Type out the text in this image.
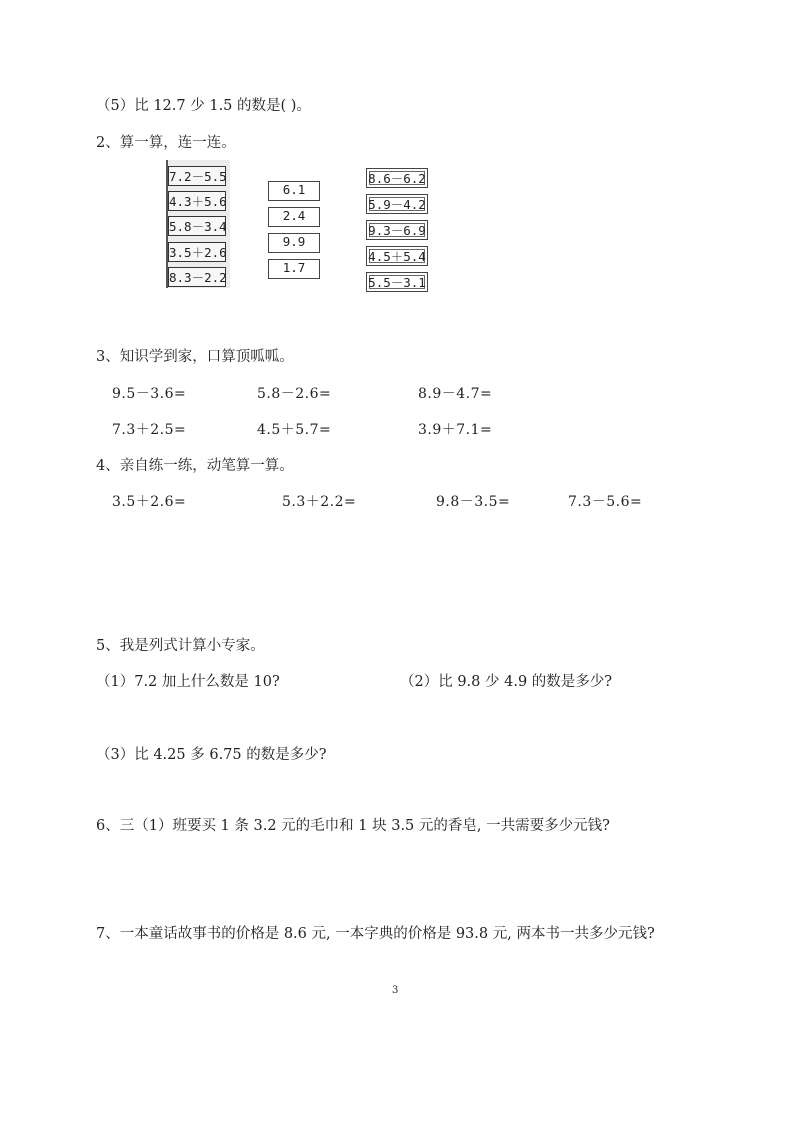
（5）比 12.7 少 1.5 的数是( )。
2、算一算，连一连。
7.2－5.5
4.3＋5.6
5.8－3.4
3.5＋2.6
8.3－2.2
6.1
2.4
9.9
1.7
8.6－6.2
5.9－4.2
9.3－6.9
4.5＋5.4
5.5－3.1
3、知识学到家，口算顶呱呱。
9.5－3.6=	5.8－2.6=	8.9－4.7=
7.3＋2.5=	4.5＋5.7=	3.9＋7.1=
4、亲自练一练，动笔算一算。
3.5＋2.6=	5.3＋2.2=	9.8－3.5=	7.3－5.6=
5、我是列式计算小专家。
（1）7.2 加上什么数是 10?	（2）比 9.8 少 4.9 的数是多少?
（3）比 4.25 多 6.75 的数是多少?
6、三（1）班要买 1 条 3.2 元的毛巾和 1 块 3.5 元的香皂, 一共需要多少元钱?
7、一本童话故事书的价格是 8.6 元, 一本字典的价格是 93.8 元, 两本书一共多少元钱?
3
